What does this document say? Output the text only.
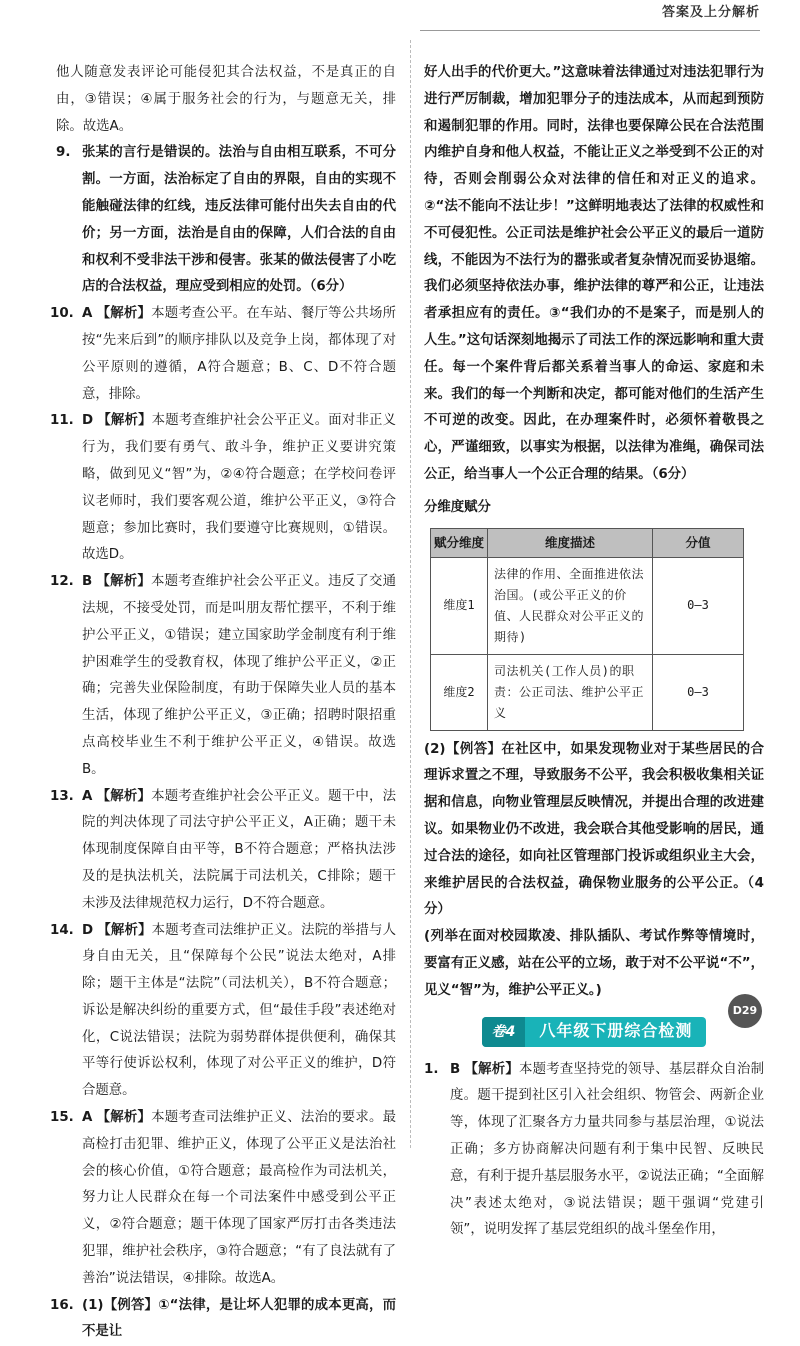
答案及上分解析

他人随意发表评论可能侵犯其合法权益，不是真正的自由，③错误；④属于服务社会的行为，与题意无关，排除。故选A。

9. 张某的言行是错误的。法治与自由相互联系，不可分割。一方面，法治标定了自由的界限，自由的实现不能触碰法律的红线，违反法律可能付出失去自由的代价；另一方面，法治是自由的保障，人们合法的自由和权利不受非法干涉和侵害。张某的做法侵害了小吃店的合法权益，理应受到相应的处罚。（6分）
10. A 【解析】本题考查公平。在车站、餐厅等公共场所按“先来后到”的顺序排队以及竞争上岗，都体现了对公平原则的遵循，A符合题意；B、C、D不符合题意，排除。
11. D 【解析】本题考查维护社会公平正义。面对非正义行为，我们要有勇气、敢斗争，维护正义要讲究策略，做到见义“智”为，②④符合题意；在学校问卷评议老师时，我们要客观公道，维护公平正义，③符合题意；参加比赛时，我们要遵守比赛规则，①错误。故选D。
12. B 【解析】本题考查维护社会公平正义。违反了交通法规，不接受处罚，而是叫朋友帮忙摆平，不利于维护公平正义，①错误；建立国家助学金制度有利于维护困难学生的受教育权，体现了维护公平正义，②正确；完善失业保险制度，有助于保障失业人员的基本生活，体现了维护公平正义，③正确；招聘时限招重点高校毕业生不利于维护公平正义，④错误。故选B。
13. A 【解析】本题考查维护社会公平正义。题干中，法院的判决体现了司法守护公平正义，A正确；题干未体现制度保障自由平等，B不符合题意；严格执法涉及的是执法机关，法院属于司法机关，C排除；题干未涉及法律规范权力运行，D不符合题意。
14. D 【解析】本题考查司法维护正义。法院的举措与人身自由无关，且“保障每个公民”说法太绝对，A排除；题干主体是“法院”（司法机关），B不符合题意；诉讼是解决纠纷的重要方式，但“最佳手段”表述绝对化，C说法错误；法院为弱势群体提供便利，确保其平等行使诉讼权利，体现了对公平正义的维护，D符合题意。
15. A 【解析】本题考查司法维护正义、法治的要求。最高检打击犯罪、维护正义，体现了公平正义是法治社会的核心价值，①符合题意；最高检作为司法机关，努力让人民群众在每一个司法案件中感受到公平正义，②符合题意；题干体现了国家严厉打击各类违法犯罪，维护社会秩序，③符合题意；“有了良法就有了善治”说法错误，④排除。故选A。
16. (1)【例答】①“法律，是让坏人犯罪的成本更高，而不是让

好人出手的代价更大。”这意味着法律通过对违法犯罪行为进行严厉制裁，增加犯罪分子的违法成本，从而起到预防和遏制犯罪的作用。同时，法律也要保障公民在合法范围内维护自身和他人权益，不能让正义之举受到不公正的对待，否则会削弱公众对法律的信任和对正义的追求。②“法不能向不法让步！”这鲜明地表达了法律的权威性和不可侵犯性。公正司法是维护社会公平正义的最后一道防线，不能因为不法行为的嚣张或者复杂情况而妥协退缩。我们必须坚持依法办事，维护法律的尊严和公正，让违法者承担应有的责任。③“我们办的不是案子，而是别人的人生。”这句话深刻地揭示了司法工作的深远影响和重大责任。每一个案件背后都关系着当事人的命运、家庭和未来。我们的每一个判断和决定，都可能对他们的生活产生不可逆的改变。因此，在办理案件时，必须怀着敬畏之心，严谨细致，以事实为根据，以法律为准绳，确保司法公正，给当事人一个公正合理的结果。（6分）

分维度赋分
赋分维度	维度描述	分值
维度1	法律的作用、全面推进依法治国。(或公平正义的价值、人民群众对公平正义的期待)	0—3
维度2	司法机关(工作人员)的职责：公正司法、维护公平正义	0—3

(2)【例答】在社区中，如果发现物业对于某些居民的合理诉求置之不理，导致服务不公平，我会积极收集相关证据和信息，向物业管理层反映情况，并提出合理的改进建议。如果物业仍不改进，我会联合其他受影响的居民，通过合法的途径，如向社区管理部门投诉或组织业主大会，来维护居民的合法权益，确保物业服务的公平公正。（4分）

(列举在面对校园欺凌、排队插队、考试作弊等情境时，要富有正义感，站在公平的立场，敢于对不公平说“不”，见义“智”为，维护公平正义。)

卷4	八年级下册综合检测
1. B 【解析】本题考查坚持党的领导、基层群众自治制度。题干提到社区引入社会组织、物管会、两新企业等，体现了汇聚各方力量共同参与基层治理，①说法正确；多方协商解决问题有利于集中民智、反映民意，有利于提升基层服务水平，②说法正确；“全面解决”表述太绝对，③说法错误；题干强调“党建引领”，说明发挥了基层党组织的战斗堡垒作用，
D29
